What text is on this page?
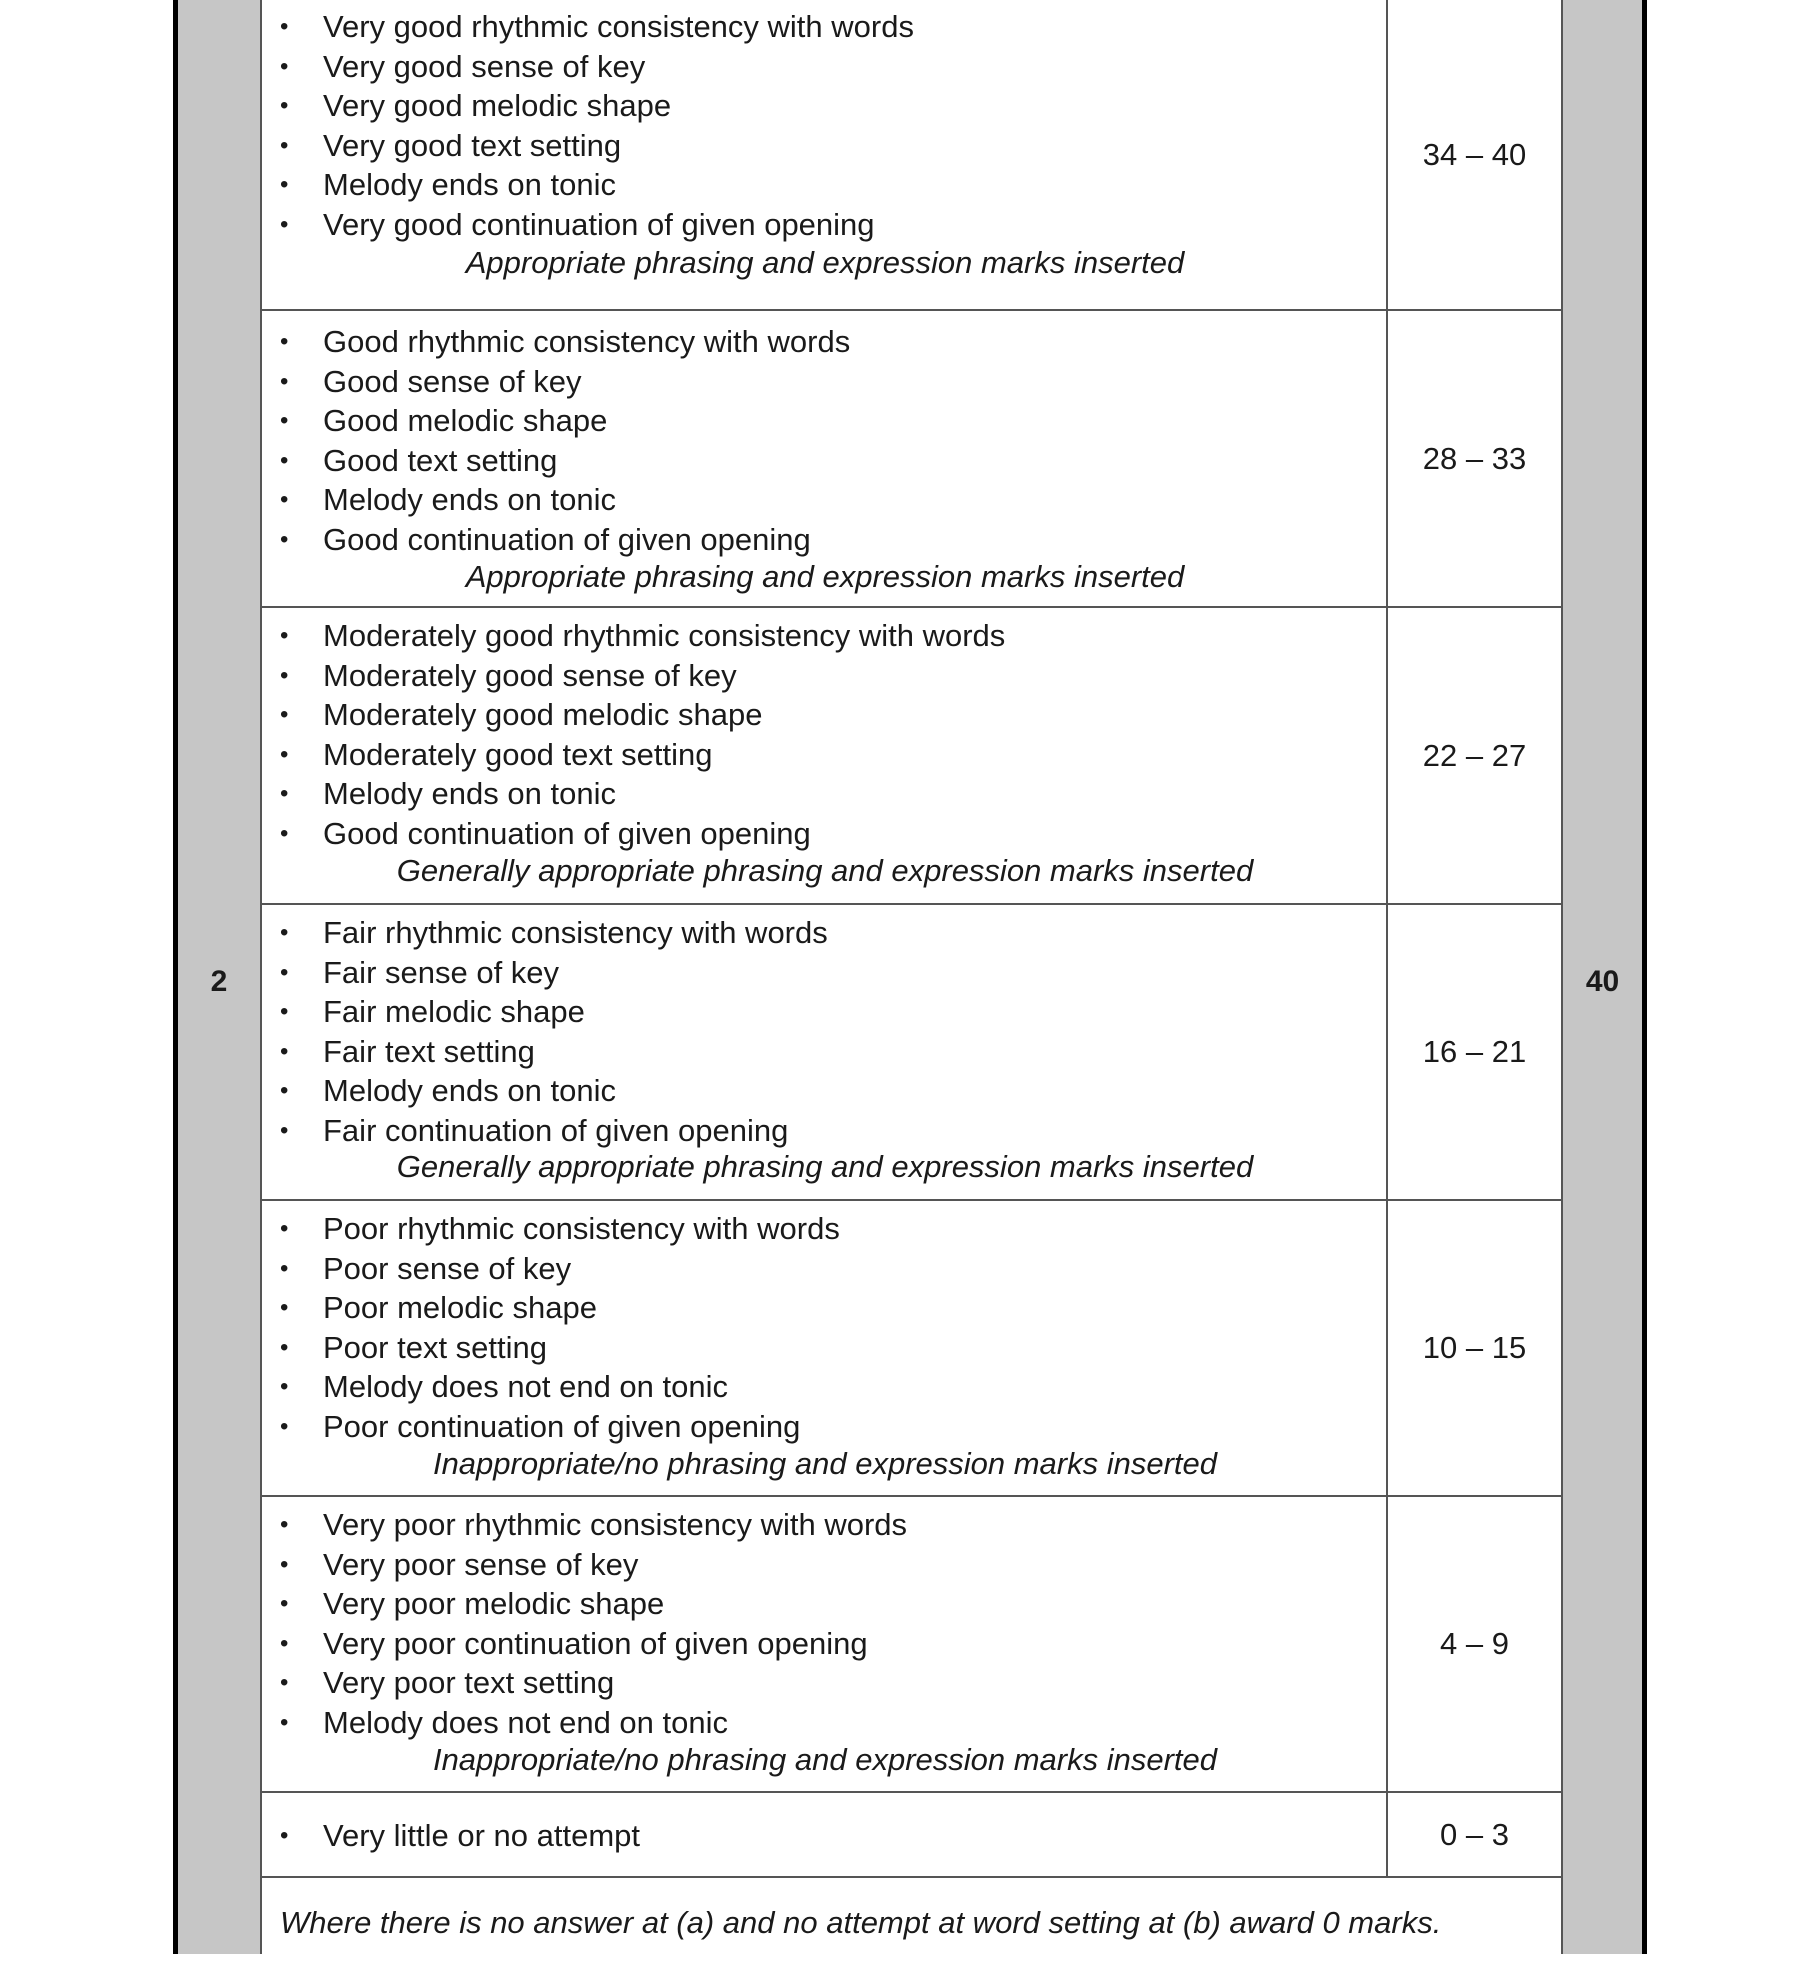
2	40
• Very good rhythmic consistency with words
• Very good sense of key
• Very good melodic shape
• Very good text setting
• Melody ends on tonic
• Very good continuation of given opening
Appropriate phrasing and expression marks inserted
34 – 40
• Good rhythmic consistency with words
• Good sense of key
• Good melodic shape
• Good text setting
• Melody ends on tonic
• Good continuation of given opening
Appropriate phrasing and expression marks inserted
28 – 33
• Moderately good rhythmic consistency with words
• Moderately good sense of key
• Moderately good melodic shape
• Moderately good text setting
• Melody ends on tonic
• Good continuation of given opening
Generally appropriate phrasing and expression marks inserted
22 – 27
• Fair rhythmic consistency with words
• Fair sense of key
• Fair melodic shape
• Fair text setting
• Melody ends on tonic
• Fair continuation of given opening
Generally appropriate phrasing and expression marks inserted
16 – 21
• Poor rhythmic consistency with words
• Poor sense of key
• Poor melodic shape
• Poor text setting
• Melody does not end on tonic
• Poor continuation of given opening
Inappropriate/no phrasing and expression marks inserted
10 – 15
• Very poor rhythmic consistency with words
• Very poor sense of key
• Very poor melodic shape
• Very poor continuation of given opening
• Very poor text setting
• Melody does not end on tonic
Inappropriate/no phrasing and expression marks inserted
4 – 9
• Very little or no attempt	0 – 3
Where there is no answer at (a) and no attempt at word setting at (b) award 0 marks.
